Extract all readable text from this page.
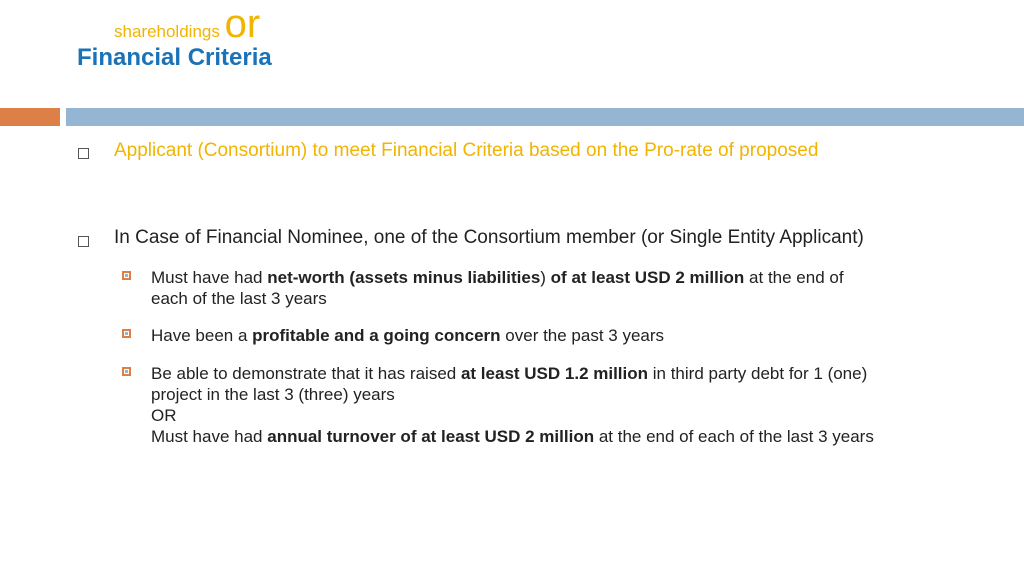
Financial Criteria
Applicant (Consortium) to meet Financial Criteria based on the Pro-rate of proposed
shareholdings or
In Case of Financial Nominee, one of the Consortium member (or Single Entity Applicant)
Must have had net-worth (assets minus liabilities) of at least USD 2 million at the end of
each of the last 3 years
Have been a profitable and a going concern over the past 3 years
Be able to demonstrate that it has raised at least USD 1.2 million in third party debt for 1 (one)
project in the last 3 (three) years
OR
Must have had annual turnover of at least USD 2 million at the end of each of the last 3 years
